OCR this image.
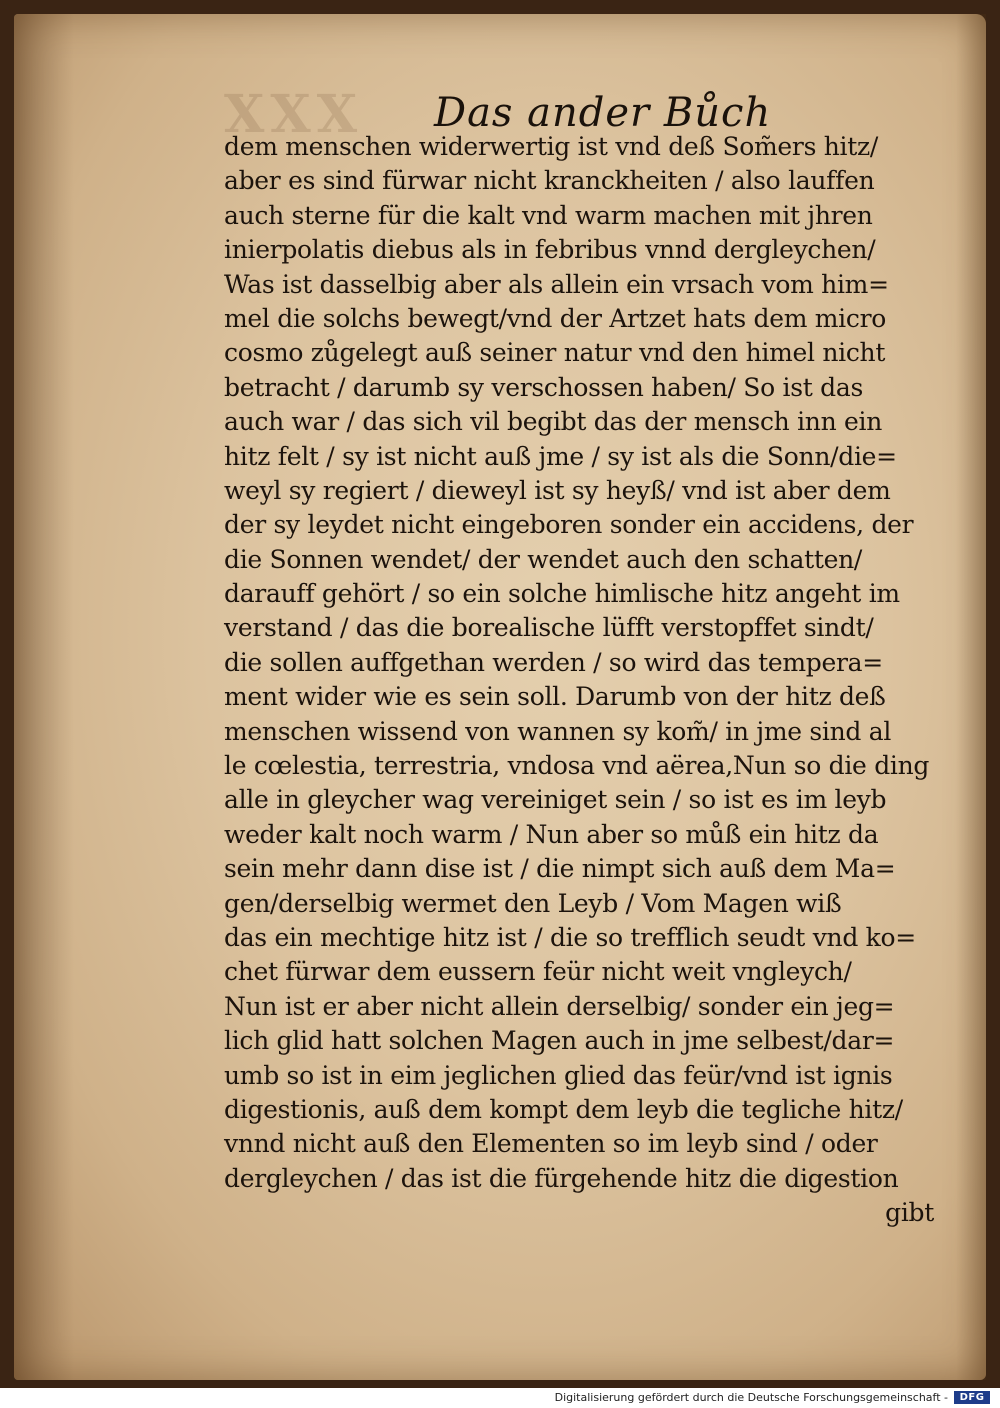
XXX Das ander Bůch
dem menschen widerwertig ist vnd deß Som̃ers hitz/
aber es sind fürwar nicht kranckheiten / also lauffen
auch sterne für die kalt vnd warm machen mit jhren
inierpolatis diebus als in febribus vnnd dergleychen/
Was ist dasselbig aber als allein ein vrsach vom him=
mel die solchs bewegt/vnd der Artzet hats dem micro
cosmo zůgelegt auß seiner natur vnd den himel nicht
betracht / darumb sy verschossen haben/ So ist das
auch war / das sich vil begibt das der mensch inn ein
hitz felt / sy ist nicht auß jme / sy ist als die Sonn/die=
weyl sy regiert / dieweyl ist sy heyß/ vnd ist aber dem
der sy leydet nicht eingeboren sonder ein accidens, der
die Sonnen wendet/ der wendet auch den schatten/
darauff gehört / so ein solche himlische hitz angeht im
verstand / das die borealische lüfft verstopffet sindt/
die sollen auffgethan werden / so wird das tempera=
ment wider wie es sein soll. Darumb von der hitz deß
menschen wissend von wannen sy kom̃/ in jme sind al
le cœlestia, terrestria, vndosa vnd aërea,Nun so die ding
alle in gleycher wag vereiniget sein / so ist es im leyb
weder kalt noch warm / Nun aber so můß ein hitz da
sein mehr dann dise ist / die nimpt sich auß dem Ma=
gen/derselbig wermet den Leyb / Vom Magen wiß
das ein mechtige hitz ist / die so trefflich seudt vnd ko=
chet fürwar dem eussern feür nicht weit vngleych/
Nun ist er aber nicht allein derselbig/ sonder ein jeg=
lich glid hatt solchen Magen auch in jme selbest/dar=
umb so ist in eim jeglichen glied das feür/vnd ist ignis
digestionis, auß dem kompt dem leyb die tegliche hitz/
vnnd nicht auß den Elementen so im leyb sind / oder
dergleychen / das ist die fürgehende hitz die digestion
gibt
Digitalisierung gefördert durch die Deutsche Forschungsgemeinschaft -	DFG
